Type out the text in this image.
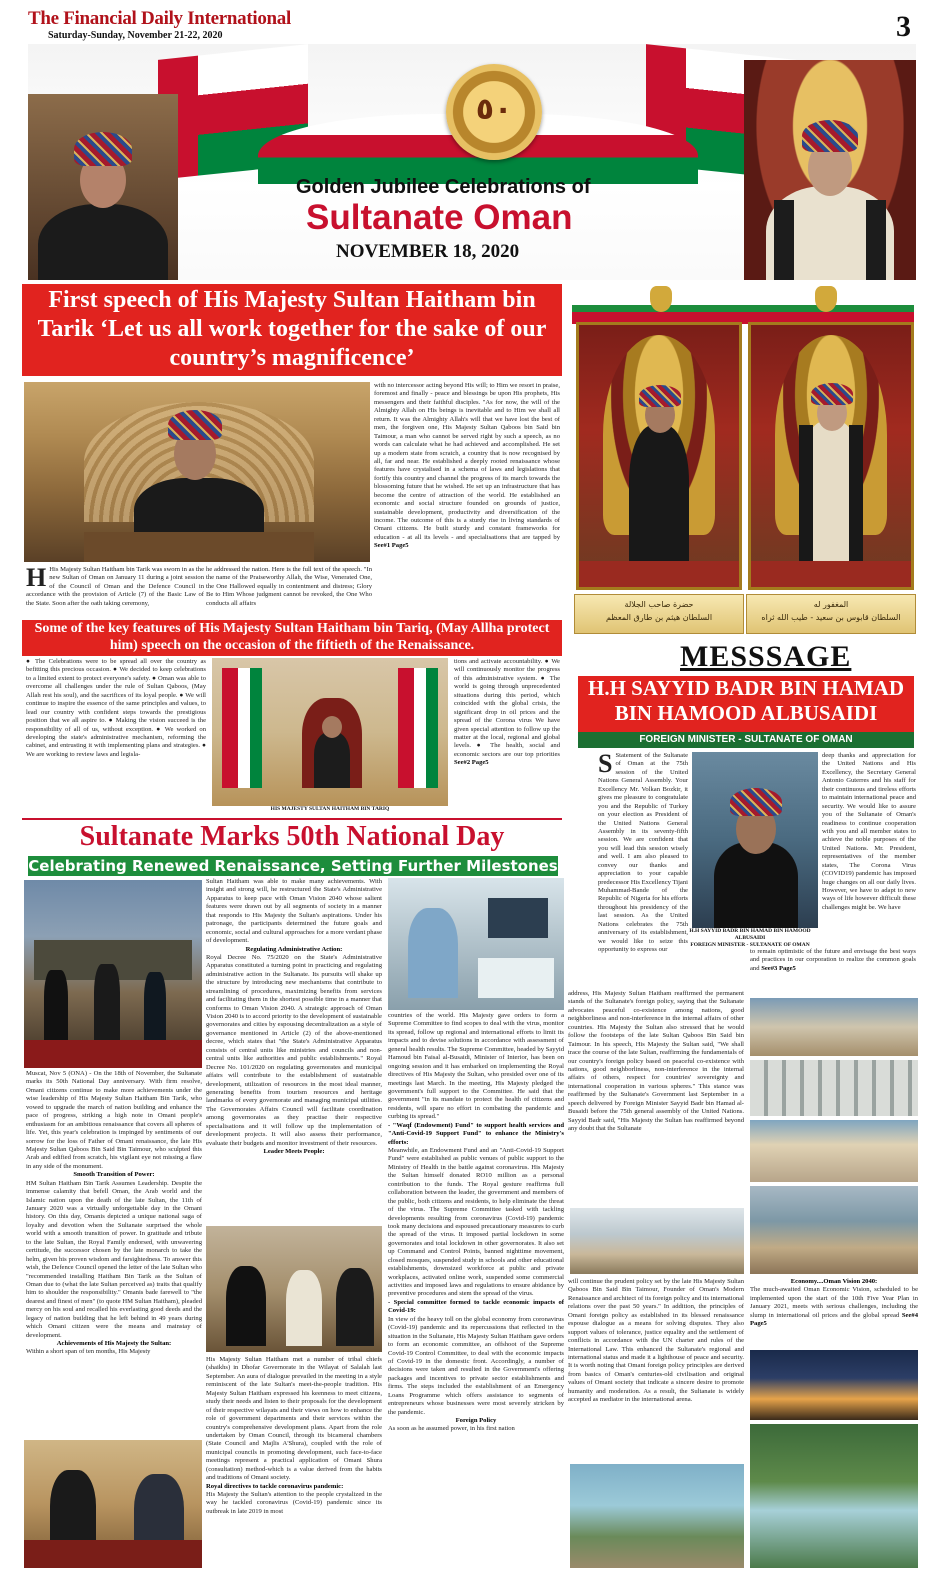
The Financial Daily International
Saturday-Sunday, November 21-22, 2020	3
٥٠
Golden Jubilee Celebrations of
Sultanate Oman
NOVEMBER 18, 2020
First speech of His Majesty Sultan Haitham bin Tarik ‘Let us all work together for the sake of our country’s magnificence’
H His Majesty Sultan Haitham bin Tarik was sworn in as the new Sultan of Oman on January 11 during a joint session of the Council of Oman and the Defence Council in accordance with the provision of Article (7) of the Basic Law of the State. Soon after the oath taking ceremony,
he addressed the nation. Here is the full text of the speech. "In the name of the Praiseworthy Allah, the Wise, Venerated One, the One Hallowed equally in contentment and distress; Glory Be to Him Whose judgment cannot be revoked, the One Who conducts all affairs
with no intercessor acting beyond His will; to Him we resort in praise, foremost and finally - peace and blessings be upon His prophets, His messengers and their faithful disciples. "As for now, the will of the Almighty Allah on His beings is inevitable and to Him we shall all return. It was the Almighty Allah's will that we have lost the best of men, the forgiven one, His Majesty Sultan Qaboos bin Said bin Taimour, a man who cannot be served right by such a speech, as no words can calculate what he had achieved and accomplished. He set up a modern state from scratch, a country that is now recognised by all, far and near. He established a deeply rooted renaissance whose features have crystalised in a schema of laws and legislations that fortify this country and channel the progress of its march towards the blossoming future that he wished. He set up an infrastructure that has become the centre of attraction of the world. He established an economic and social structure founded on grounds of justice, sustainable development, productivity and diversification of the income. The outcome of this is a sturdy rise in living standards of Omani citizens. He built sturdy and constant frameworks for education - at all its levels - and specialisations that are tapped by See#1 Page5
Some of the key features of His Majesty Sultan Haitham bin Tariq, (May Allha protect him) speech on the occasion of the fiftieth of the Renaissance.
● The Celebrations were to be spread all over the country as befitting this precious occasion. ● We decided to keep celebrations to a limited extent to protect everyone's safety. ● Oman was able to overcome all challenges under the rule of Sultan Qaboos, (May Allah rest his soul), and the sacrifices of its loyal people. ● We will continue to inspire the essence of the same principles and values, to lead our country with confident steps towards the prestigious position that we all aspire to. ● Making the vision succeed is the responsibility of all of us, without exception. ● We worked on developing the state's administrative mechanism, reforming the cabinet, and entrusting it with implementing plans and strategies. ● We are working to review laws and legisla-
HIS MAJESTY SULTAN HAITHAM BIN TARIQ
tions and activate accountability. ● We will continuously monitor the progress of this administrative system. ● The world is going through unprecedented situations during this period, which coincided with the global crisis, the significant drop in oil prices and the spread of the Corona virus We have given special attention to follow up the matter at the local, regional and global levels. ● The health, social and economic sectors are our top priorities See#2 Page5
Sultanate Marks 50th National Day
Celebrating Renewed Renaissance, Setting Further Milestones
Muscat, Nov 5 (ONA) - On the 18th of November, the Sultanate marks its 50th National Day anniversary. With firm resolve, Omani citizens continue to make more achievements under the wise leadership of His Majesty Sultan Haitham Bin Tarik, who vowed to upgrade the march of nation building and enhance the pace of progress, striking a high note in Omani people's enthusiasm for an ambitious renaissance that covers all spheres of life. Yet, this year's celebration is impinged by sentiments of our sorrow for the loss of Father of Omani renaissance, the late His Majesty Sultan Qaboos Bin Said Bin Taimour, who sculpted this Arab and edified from scratch, his vigilant eye not missing a flaw in any side of the monument.
Smooth Transition of Power:
HM Sultan Haitham Bin Tarik Assumes Leadership. Despite the immense calamity that befell Oman, the Arab world and the Islamic nation upon the death of the late Sultan, the 11th of January 2020 was a virtually unforgettable day in the Omani history. On this day, Omanis depicted a unique national saga of loyalty and devotion when the Sultanate surprised the whole world with a smooth transition of power. In gratitude and tribute to the late Sultan, the Royal Family endorsed, with unwavering certitude, the successor chosen by the late monarch to take the helm, given his proven wisdom and farsightedness. To answer this wish, the Defence Council opened the letter of the late Sultan who "recommended installing Haitham Bin Tarik as the Sultan of Oman due to (what the late Sultan perceived as) traits that qualify him to shoulder the responsibility." Omanis bade farewell to "the dearest and finest of men" (to quote HM Sultan Haitham), pleaded mercy on his soul and recalled his everlasting good deeds and the legacy of nation building that he left behind in 49 years during which Omani citizen were the means and mainstay of development.
Achievements of His Majesty the Sultan:
Within a short span of ten months, His Majesty
Sultan Haitham was able to make many achievements. With insight and strong will, he restructured the State's Administrative Apparatus to keep pace with Oman Vision 2040 whose salient features were drawn out by all segments of society in a manner that responds to His Majesty the Sultan's aspirations. Under his patronage, the participants determined the future goals and economic, social and cultural approaches for a more verdant phase of development.
Regulating Administrative Action:
Royal Decree No. 75/2020 on the State's Administrative Apparatus constituted a turning point in practicing and regulating administrative action in the Sultanate. Its pursuits will shake up the structure by introducing new mechanisms that contribute to streamlining of procedures, maximizing benefits from services and facilitating them in the shortest possible time in a manner that conforms to Oman Vision 2040. A strategic approach of Oman Vision 2040 is to accord priority to the development of sustainable governorates and cities by espousing decentralization as a style of governance mentioned in Article (2) of the above-mentioned decree, which states that "the State's Administrative Apparatus consists of central units like ministries and councils and non-central units like authorities and public establishments." Royal Decree No. 101/2020 on regulating governorates and municipal affairs will contribute to the establishment of sustainable development, utilization of resources in the most ideal manner, generating benefits from tourism resources and heritage landmarks of every governorate and managing municipal utilities. The Governorates Affairs Council will facilitate coordination among governorates as they practise their respective specialisations and it will follow up the implementation of development projects. It will also assess their performance, evaluate their budgets and monitor investment of their resources.
Leader Meets People:
His Majesty Sultan Haitham met a number of tribal chiefs (shaikhs) in Dhofar Governorate in the Wilayat of Salalah last September. An aura of dialogue prevailed in the meeting in a style reminiscent of the late Sultan's meet-the-people tradition. His Majesty Sultan Haitham expressed his keenness to meet citizens, study their needs and listen to their proposals for the development of their respective wilayats and their views on how to enhance the role of government departments and their services within the country's comprehensive development plans. Apart from the role undertaken by Oman Council, through its bicameral chambers (State Council and Majlis A'Shura), coupled with the role of municipal councils in promoting development, such face-to-face meetings represent a practical application of Omani Shura (consultation) method-which is a value derived from the habits and traditions of Omani society.
Royal directives to tackle coronavirus pandemic:
His Majesty the Sultan's attention to the people crystalized in the way he tackled coronavirus (Covid-19) pandemic since its outbreak in late 2019 in most
countries of the world. His Majesty gave orders to form a Supreme Committee to find scopes to deal with the virus, monitor its spread, follow up regional and international efforts to limit its impacts and to devise solutions in accordance with assessment of general health results. The Supreme Committee, headed by Sayyid Hamoud bin Faisal al-Busaidi, Minister of Interior, has been on ongoing session and it has embarked on implementing the Royal directives of His Majesty the Sultan, who presided over one of its meetings last March. In the meeting, His Majesty pledged the government's full support to the Committee. He said that the government "in its mandate to protect the health of citizens and residents, will spare no effort in combating the pandemic and curbing its spread."
- "Waqf (Endowment) Fund" to support health services and "Anti-Covid-19 Support Fund" to enhance the Ministry's efforts:
Meanwhile, an Endowment Fund and an "Anti-Covid-19 Support Fund" were established as public venues of public support to the Ministry of Health in the battle against coronavirus. His Majesty the Sultan himself donated RO10 million as a personal contribution to the funds. The Royal gesture reaffirms full collaboration between the leader, the government and members of the public, both citizens and residents, to help eliminate the threat of the virus. The Supreme Committee tasked with tackling developments resulting from coronavirus (Covid-19) pandemic took many decisions and espoused precautionary measures to curb the spread of the virus. It imposed partial lockdown in some governorates and total lockdown in other governorates. It also set up Command and Control Points, banned nighttime movement, closed mosques, suspended study in schools and other educational establishments, downsized workforce at public and private workplaces, activated online work, suspended some commercial activities and imposed laws and regulations to ensure abidance by preventive procedures and stem the spread of the virus.
- Special committee formed to tackle economic impacts of Covid-19:
In view of the heavy toll on the global economy from coronavirus (Covid-19) pandemic and its repercussions that reflected in the situation in the Sultanate, His Majesty Sultan Haitham gave orders to form an economic committee, an offshoot of the Supreme Covid-19 Control Committee, to deal with the economic impacts of Covid-19 in the domestic front. Accordingly, a number of decisions were taken and resulted in the Government's offering packages and incentives to private sector establishments and firms. The steps included the establishment of an Emergency Loans Programme which offers assistance to segments of entrepreneurs whose businesses were most severely stricken by the pandemic.
Foreign Policy
As soon as he assumed power, in his first nation
address, His Majesty Sultan Haitham reaffirmed the permanent stands of the Sultanate's foreign policy, saying that the Sultanate advocates peaceful co-existence among nations, good neighborliness and non-interference in the internal affairs of other countries. His Majesty the Sultan also stressed that he would follow the footsteps of the late Sultan Qaboos Bin Said bin Taimour. In his speech, His Majesty the Sultan said, "We shall trace the course of the late Sultan, reaffirming the fundamentals of our country's foreign policy based on peaceful co-existence with nations, good neighborliness, non-interference in the internal affairs of others, respect for countries' sovereignty and international cooperation in various spheres." This stance was reaffirmed by the Sultanate's Government last September in a speech delivered by Foreign Minister Sayyid Badr bin Hamad al-Busaidi before the 75th general assembly of the United Nations. Sayyid Badr said, "His Majesty the Sultan has reaffirmed beyond any doubt that the Sultanate
will continue the prudent policy set by the late His Majesty Sultan Qaboos Bin Said Bin Taimour, Founder of Oman's Modern Renaissance and architect of its foreign policy and its international relations over the past 50 years." In addition, the principles of Omani foreign policy as established in its blessed renaissance espouse dialogue as a means for solving disputes. They also support values of tolerance, justice equality and the settlement of conflicts in accordance with the UN charter and rules of the International Law. This enhanced the Sultanate's regional and international status and made it a lighthouse of peace and security. It is worth noting that Omani foreign policy principles are derived from basics of Oman's centuries-old civilisation and original values of Omani society that indicate a sincere desire to promote humanity and moderation. As a result, the Sultanate is widely accepted as mediator in the international arena.
Economy....Oman Vision 2040:
The much-awaited Oman Economic Vision, scheduled to be implemented upon the start of the 10th Five Year Plan in January 2021, meets with serious challenges, including the slump in international oil prices and the global spread See#4 Page5
حضرة صاحب الجلالة
السلطان هيثم بن طارق المعظم
المغفور له
السلطان قابوس بن سعيد - طيب الله ثراه
MESSSAGE
H.H SAYYID BADR BIN HAMAD BIN HAMOOD ALBUSAIDI
FOREIGN MINISTER - SULTANATE OF OMAN
S Statement of the Sultanate of Oman at the 75th session of the United Nations General Assembly. Your Excellency Mr. Volkan Bozkir, it gives me pleasure to congratulate you and the Republic of Turkey on your election as President of the United Nations General Assembly in its seventy-fifth session. We are confident that you will lead this session wisely and well. I am also pleased to convey our thanks and appreciation to your capable predecessor His Excellency Tijani Muhammad-Bande of the Republic of Nigeria for his efforts throughout his presidency of the last session. As the United Nations celebrates the 75th anniversary of its establishment, we would like to seize this opportunity to express our
H.H SAYYID BADR BIN HAMAD BIN HAMOOD ALBUSAIDI
FOREIGN MINISTER - SULTANATE OF OMAN
deep thanks and appreciation for the United Nations and His Excellency, the Secretary General Antonio Guterres and his staff for their continuous and tireless efforts to maintain international peace and security. We would like to assure you of the Sultanate of Oman's readiness to continue cooperation with you and all member states to achieve the noble purposes of the United Nations. Mr. President, representatives of the member states, The Corona Virus (COVID19) pandemic has imposed huge changes on all our daily lives. However, we have to adapt to new ways of life however difficult these challenges might be. We have
to remain optimistic of the future and envisage the best ways and practices in our corporation to realize the common goals and See#3 Page5
